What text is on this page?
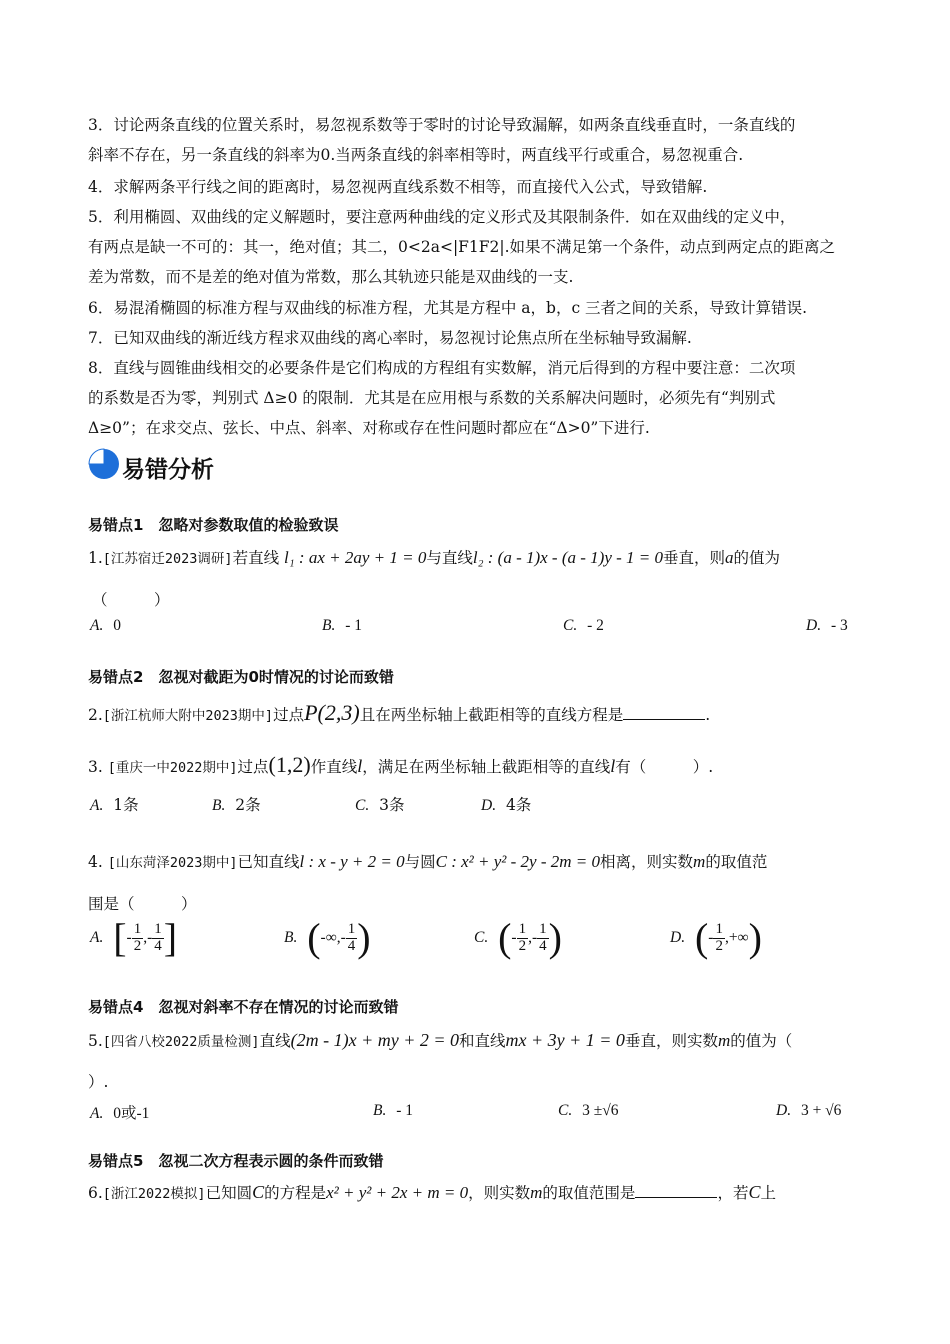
3．讨论两条直线的位置关系时，易忽视系数等于零时的讨论导致漏解，如两条直线垂直时，一条直线的
斜率不存在，另一条直线的斜率为0.当两条直线的斜率相等时，两直线平行或重合，易忽视重合.
4．求解两条平行线之间的距离时，易忽视两直线系数不相等，而直接代入公式，导致错解.
5．利用椭圆、双曲线的定义解题时，要注意两种曲线的定义形式及其限制条件．如在双曲线的定义中，
有两点是缺一不可的：其一，绝对值；其二，0<2a<|F1F2|.如果不满足第一个条件，动点到两定点的距离之
差为常数，而不是差的绝对值为常数，那么其轨迹只能是双曲线的一支.
6．易混淆椭圆的标准方程与双曲线的标准方程，尤其是方程中 a，b，c 三者之间的关系，导致计算错误.
7．已知双曲线的渐近线方程求双曲线的离心率时，易忽视讨论焦点所在坐标轴导致漏解.
8．直线与圆锥曲线相交的必要条件是它们构成的方程组有实数解，消元后得到的方程中要注意：二次项
的系数是否为零，判别式 Δ≥0 的限制．尤其是在应用根与系数的关系解决问题时，必须先有“判别式
Δ≥0”；在求交点、弦长、中点、斜率、对称或存在性问题时都应在“Δ>0”下进行.
易错分析
易错点1　忽略对参数取值的检验致误
1.[江苏宿迁2023调研]若直线 l₁ : ax + 2ay + 1 = 0与直线l₂ : (a - 1)x - (a - 1)y - 1 = 0垂直，则a的值为
（　　　）
A. 0	B. - 1	C. - 2	D. - 3
易错点2　忽视对截距为0时情况的讨论而致错
2.[浙江杭师大附中2023期中]过点P(2,3)且在两坐标轴上截距相等的直线方程是	.
3. [重庆一中2022期中]过点(1,2)作直线l，满足在两坐标轴上截距相等的直线l有（　　　）.
A. 1条	B. 2条	C. 3条	D. 4条
4. [山东菏泽2023期中]已知直线l : x - y + 2 = 0与圆C : x² + y² - 2y - 2m = 0相离，则实数m的取值范
围是（　　　）
A. [- $\frac{1}{2}$ ,- $\frac{1}{4}$ ]	B. (-∞,- $\frac{1}{4}$ )	C. (- $\frac{1}{2}$ ,- $\frac{1}{4}$ )	D. (- $\frac{1}{2}$ ,+∞)
易错点4　忽视对斜率不存在情况的讨论而致错
5.[四省八校2022质量检测]直线(2m - 1)x + my + 2 = 0和直线mx + 3y + 1 = 0垂直，则实数m的值为（
）.
A. 0或-1	B. - 1	C. 3 ±√6	D. 3 + √6
易错点5　忽视二次方程表示圆的条件而致错
6.[浙江2022模拟]已知圆C的方程是x² + y² + 2x + m = 0，则实数m的取值范围是	，若C上
